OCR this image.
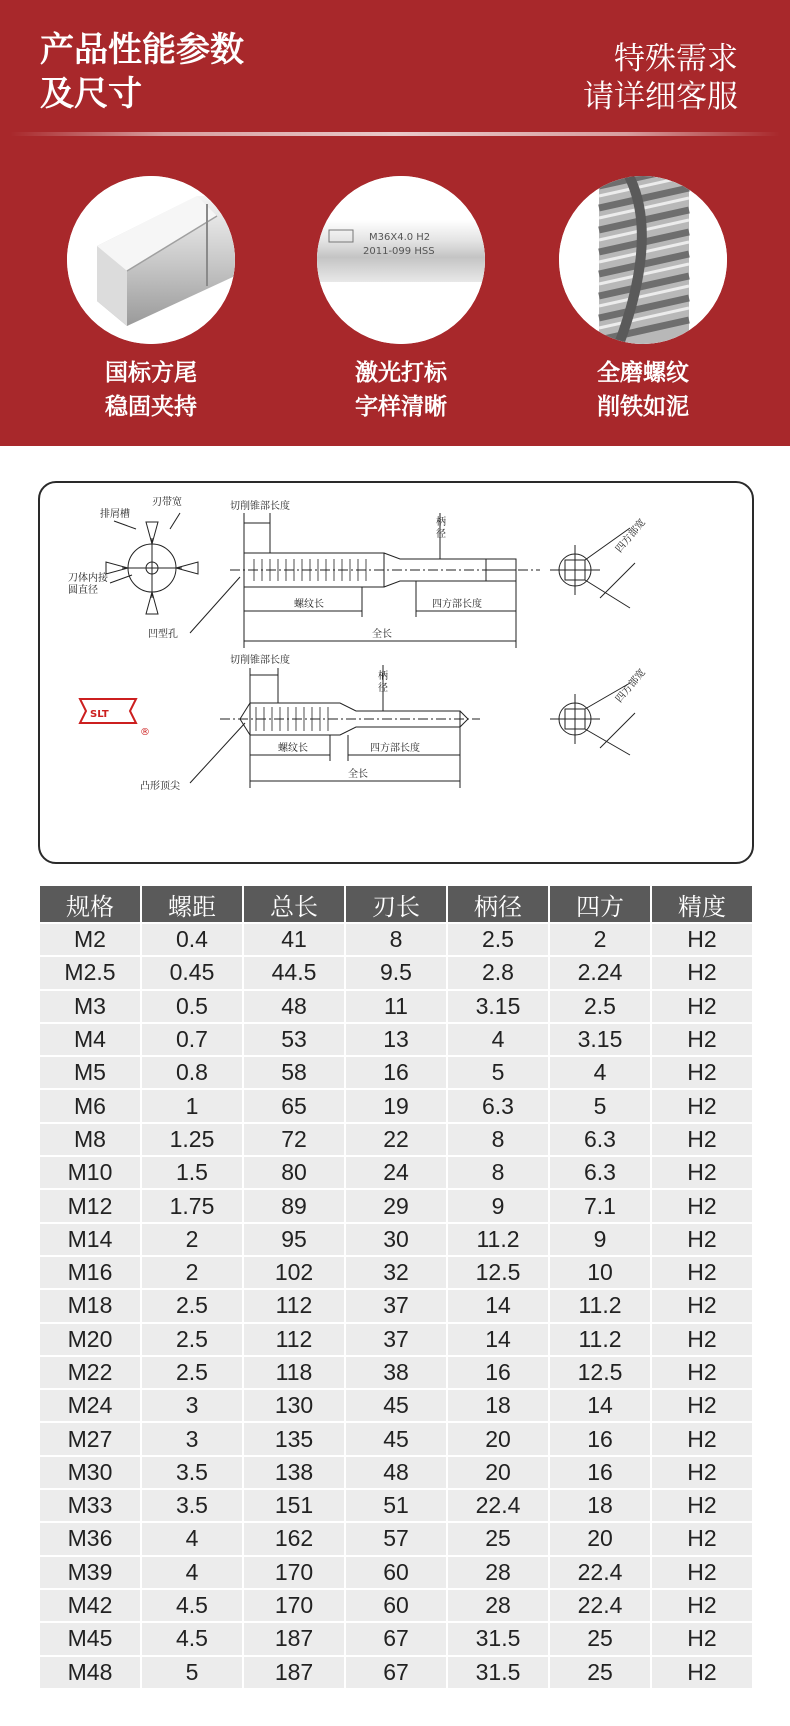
产品性能参数
及尺寸
特殊需求
请详细客服
国标方尾
稳固夹持
M36X4.0 H2
2011-099 HSS
激光打标
字样清晰
全磨螺纹
削铁如泥
排屑槽
刃带宽
刀体内接
圆直径
切削锥部长度
柄
径
螺纹长	四方部长度
全长
四方部宽
凹型孔
SLT
®
切削锥部长度
柄
径
螺纹长	四方部长度
全长
四方部宽
凸形顶尖
规格	螺距	总长	刃长	柄径	四方	精度
M2	0.4	41	8	2.5	2	H2
M2.5	0.45	44.5	9.5	2.8	2.24	H2
M3	0.5	48	11	3.15	2.5	H2
M4	0.7	53	13	4	3.15	H2
M5	0.8	58	16	5	4	H2
M6	1	65	19	6.3	5	H2
M8	1.25	72	22	8	6.3	H2
M10	1.5	80	24	8	6.3	H2
M12	1.75	89	29	9	7.1	H2
M14	2	95	30	11.2	9	H2
M16	2	102	32	12.5	10	H2
M18	2.5	112	37	14	11.2	H2
M20	2.5	112	37	14	11.2	H2
M22	2.5	118	38	16	12.5	H2
M24	3	130	45	18	14	H2
M27	3	135	45	20	16	H2
M30	3.5	138	48	20	16	H2
M33	3.5	151	51	22.4	18	H2
M36	4	162	57	25	20	H2
M39	4	170	60	28	22.4	H2
M42	4.5	170	60	28	22.4	H2
M45	4.5	187	67	31.5	25	H2
M48	5	187	67	31.5	25	H2
